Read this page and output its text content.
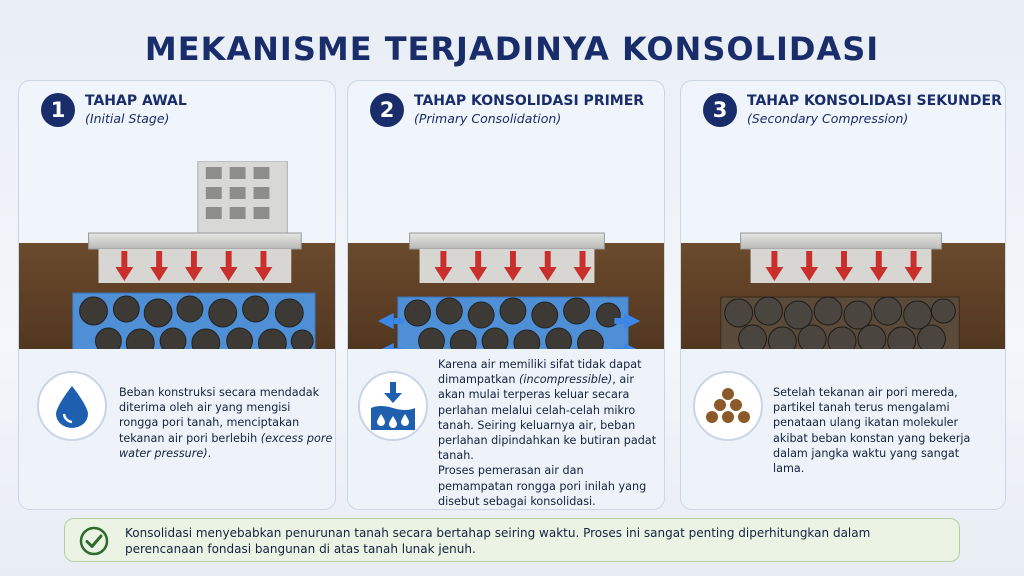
MEKANISME TERJADINYA KONSOLIDASI
1	TAHAP AWAL
(Initial Stage)
Beban konstruksi secara mendadak diterima oleh air yang mengisi rongga pori tanah, menciptakan tekanan air pori berlebih (excess pore water pressure).
2	TAHAP KONSOLIDASI PRIMER
(Primary Consolidation)
Karena air memiliki sifat tidak dapat dimampatkan (incompressible), air akan mulai terperas keluar secara perlahan melalui celah-celah mikro tanah. Seiring keluarnya air, beban perlahan dipindahkan ke butiran padat tanah.
Proses pemerasan air dan pemampatan rongga pori inilah yang disebut sebagai konsolidasi.
3	TAHAP KONSOLIDASI SEKUNDER
(Secondary Compression)
Setelah tekanan air pori mereda, partikel tanah terus mengalami penataan ulang ikatan molekuler akibat beban konstan yang bekerja dalam jangka waktu yang sangat lama.
Konsolidasi menyebabkan penurunan tanah secara bertahap seiring waktu. Proses ini sangat penting diperhitungkan dalam perencanaan fondasi bangunan di atas tanah lunak jenuh.
